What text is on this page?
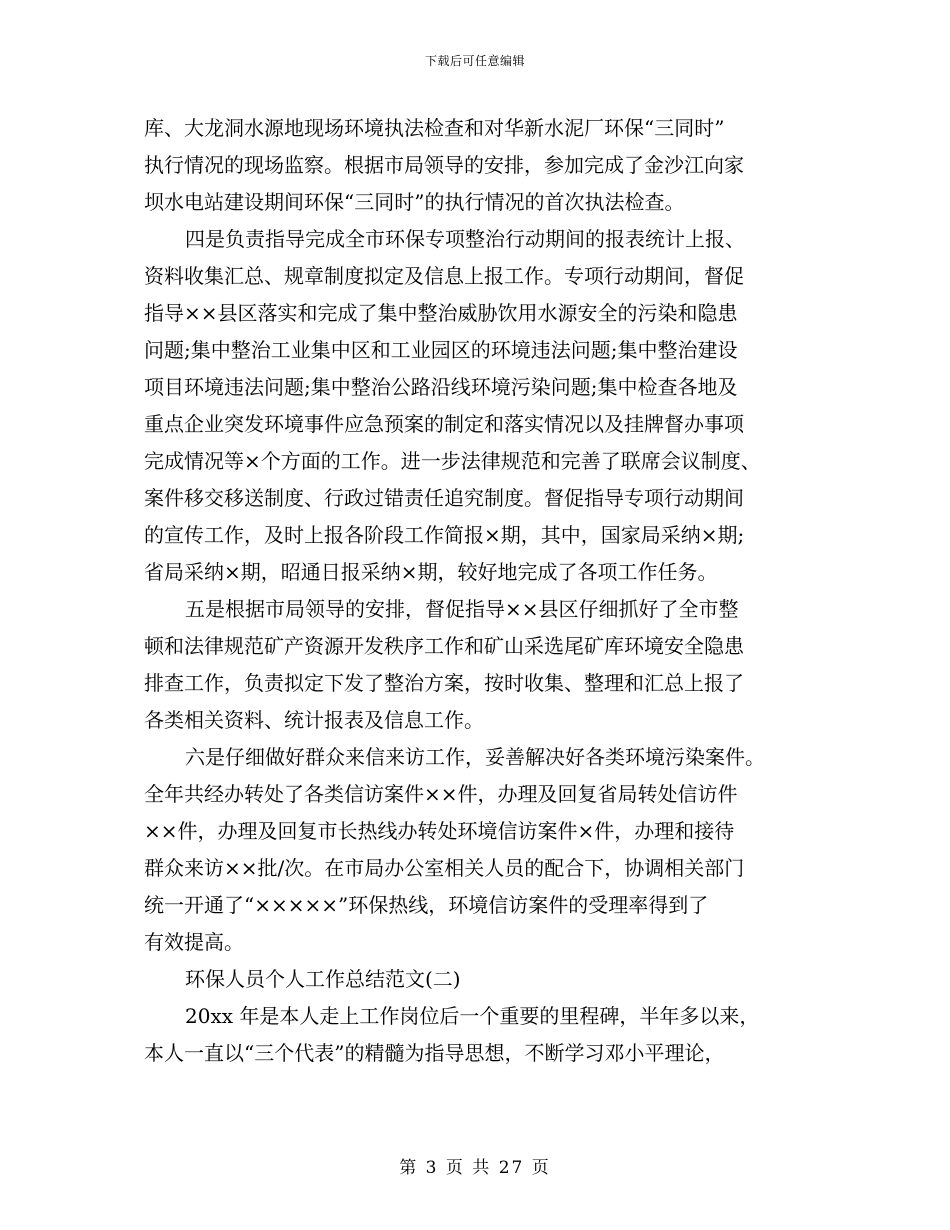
下载后可任意编辑
库、大龙洞水源地现场环境执法检查和对华新水泥厂环保“三同时”
执行情况的现场监察。根据市局领导的安排，参加完成了金沙江向家
坝水电站建设期间环保“三同时”的执行情况的首次执法检查。
四是负责指导完成全市环保专项整治行动期间的报表统计上报、
资料收集汇总、规章制度拟定及信息上报工作。专项行动期间，督促
指导××县区落实和完成了集中整治威胁饮用水源安全的污染和隐患
问题;集中整治工业集中区和工业园区的环境违法问题;集中整治建设
项目环境违法问题;集中整治公路沿线环境污染问题;集中检查各地及
重点企业突发环境事件应急预案的制定和落实情况以及挂牌督办事项
完成情况等×个方面的工作。进一步法律规范和完善了联席会议制度、
案件移交移送制度、行政过错责任追究制度。督促指导专项行动期间
的宣传工作，及时上报各阶段工作简报×期，其中，国家局采纳×期;
省局采纳×期，昭通日报采纳×期，较好地完成了各项工作任务。
五是根据市局领导的安排，督促指导××县区仔细抓好了全市整
顿和法律规范矿产资源开发秩序工作和矿山采选尾矿库环境安全隐患
排查工作，负责拟定下发了整治方案，按时收集、整理和汇总上报了
各类相关资料、统计报表及信息工作。
六是仔细做好群众来信来访工作，妥善解决好各类环境污染案件。
全年共经办转处了各类信访案件××件，办理及回复省局转处信访件
××件，办理及回复市长热线办转处环境信访案件×件，办理和接待
群众来访××批/次。在市局办公室相关人员的配合下，协调相关部门
统一开通了“×××××”环保热线，环境信访案件的受理率得到了
有效提高。
环保人员个人工作总结范文(二)
20xx 年是本人走上工作岗位后一个重要的里程碑，半年多以来，
本人一直以“三个代表”的精髓为指导思想，不断学习邓小平理论，
第 3 页 共 27 页
